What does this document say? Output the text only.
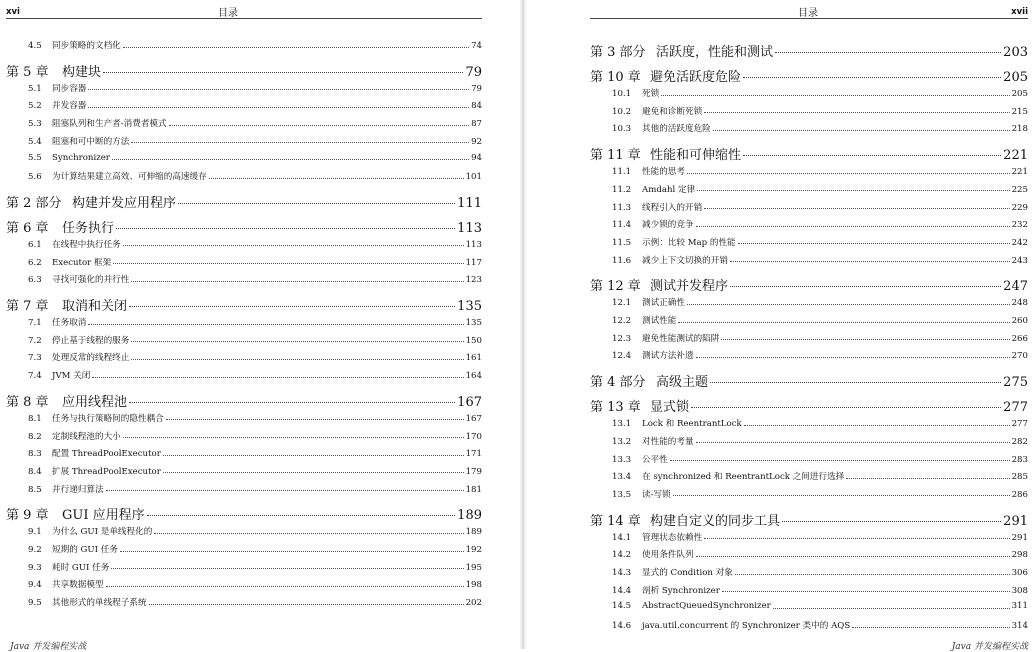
xvi	目录
4.5	同步策略的文档化	74
第 5 章	构建块	79
5.1	同步容器	79
5.2	并发容器	84
5.3	阻塞队列和生产者-消费者模式	87
5.4	阻塞和可中断的方法	92
5.5	Synchronizer	94
5.6	为计算结果建立高效、可伸缩的高速缓存	101
第 2 部分 构建并发应用程序	111
第 6 章	任务执行	113
6.1	在线程中执行任务	113
6.2	Executor 框架	117
6.3	寻找可强化的并行性	123
第 7 章	取消和关闭	135
7.1	任务取消	135
7.2	停止基于线程的服务	150
7.3	处理反常的线程终止	161
7.4	JVM 关闭	164
第 8 章	应用线程池	167
8.1	任务与执行策略间的隐性耦合	167
8.2	定制线程池的大小	170
8.3	配置 ThreadPoolExecutor	171
8.4	扩展 ThreadPoolExecutor	179
8.5	并行递归算法	181
第 9 章	GUI 应用程序	189
9.1	为什么 GUI 是单线程化的	189
9.2	短期的 GUI 任务	192
9.3	耗时 GUI 任务	195
9.4	共享数据模型	198
9.5	其他形式的单线程子系统	202
Java 并发编程实战
目录	xvii
第 3 部分 活跃度，性能和测试	203
第 10 章 避免活跃度危险	205
10.1	死锁	205
10.2	避免和诊断死锁	215
10.3	其他的活跃度危险	218
第 11 章 性能和可伸缩性	221
11.1	性能的思考	221
11.2	Amdahl 定律	225
11.3	线程引入的开销	229
11.4	减少锁的竞争	232
11.5	示例：比较 Map 的性能	242
11.6	减少上下文切换的开销	243
第 12 章 测试并发程序	247
12.1	测试正确性	248
12.2	测试性能	260
12.3	避免性能测试的陷阱	266
12.4	测试方法补遗	270
第 4 部分 高级主题	275
第 13 章 显式锁	277
13.1	Lock 和 ReentrantLock	277
13.2	对性能的考量	282
13.3	公平性	283
13.4	在 synchronized 和 ReentrantLock 之间进行选择	285
13.5	读-写锁	286
第 14 章 构建自定义的同步工具	291
14.1	管理状态依赖性	291
14.2	使用条件队列	298
14.3	显式的 Condition 对象	306
14.4	剖析 Synchronizer	308
14.5	AbstractQueuedSynchronizer	311
14.6	java.util.concurrent 的 Synchronizer 类中的 AQS	314
Java 并发编程实战
